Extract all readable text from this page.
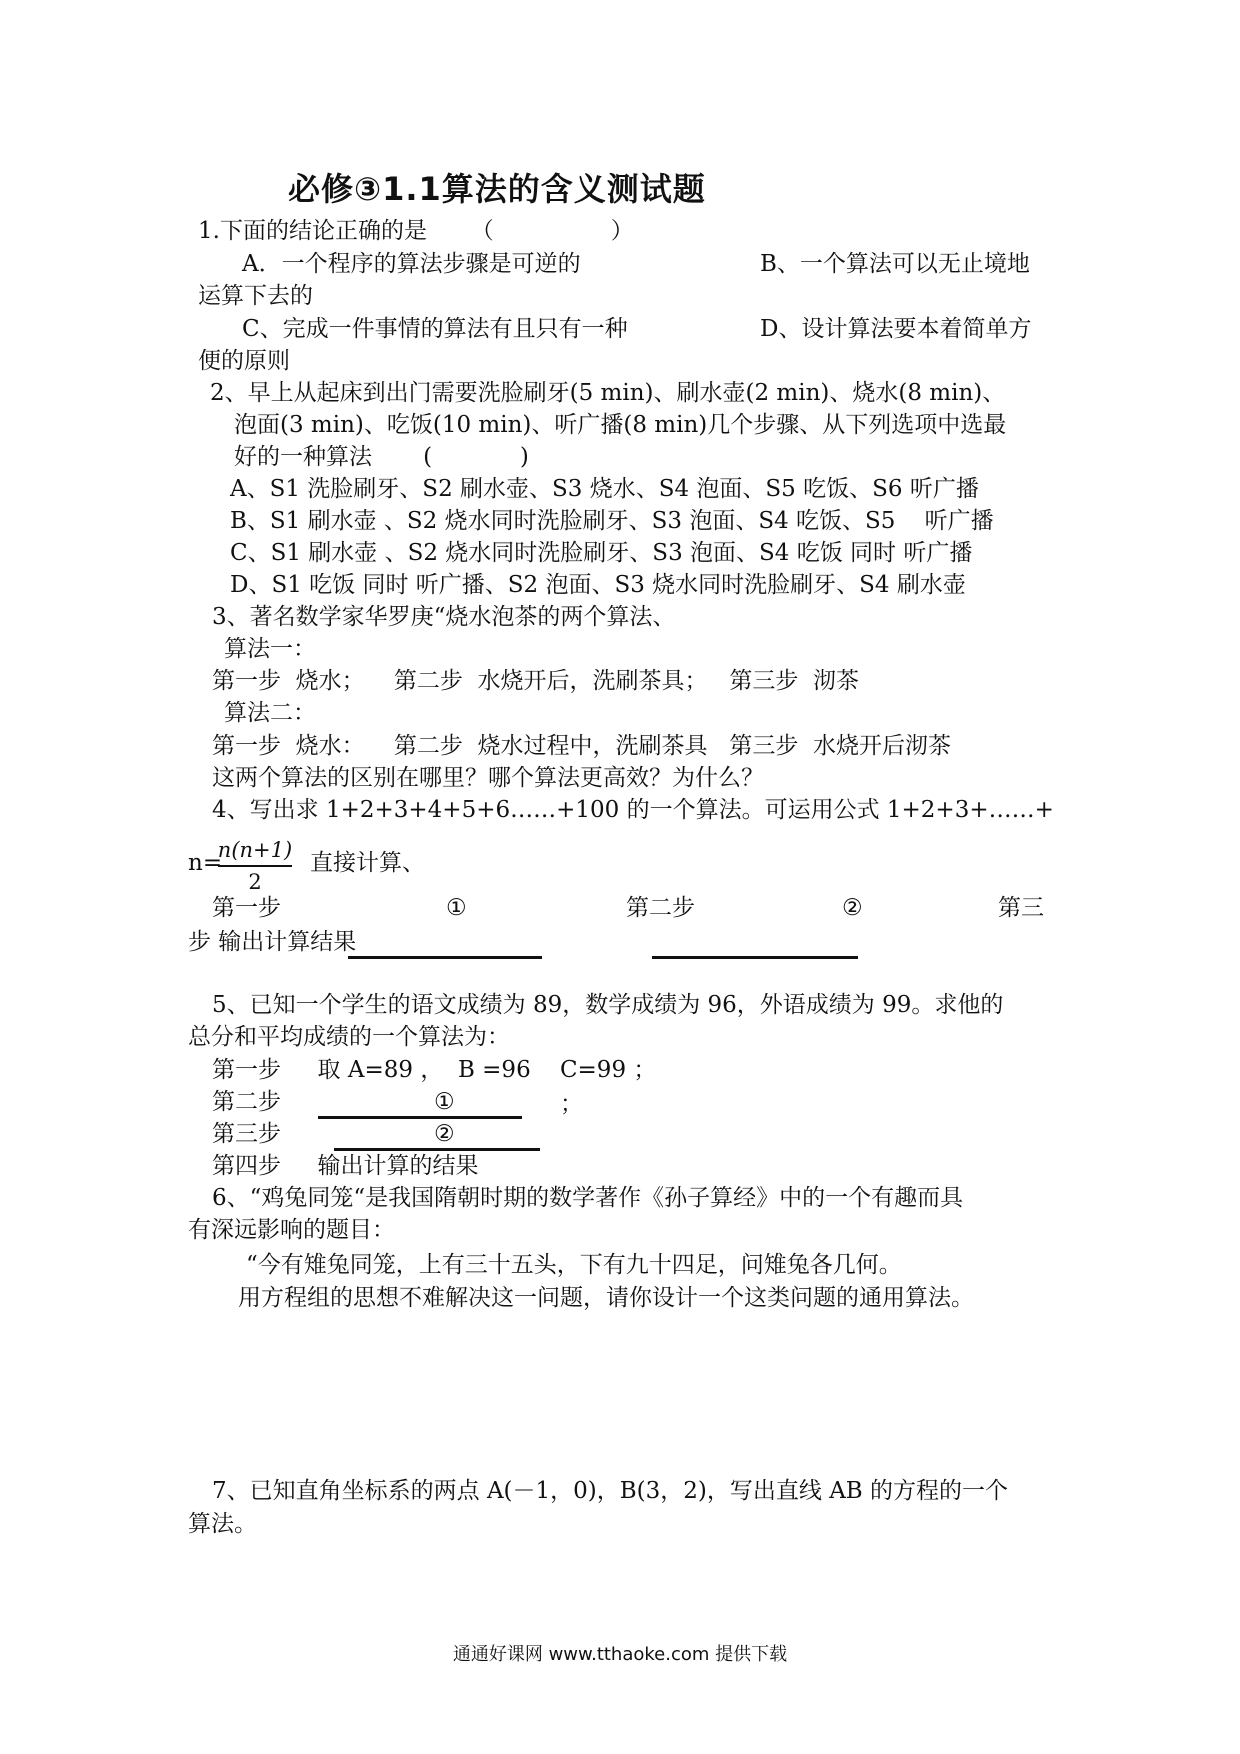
必修③1.1算法的含义测试题
1.下面的结论正确的是      （                ）
A．一个程序的算法步骤是可逆的	B、一个算法可以无止境地
运算下去的
C、完成一件事情的算法有且只有一种	D、设计算法要本着简单方
便的原则
2、早上从起床到出门需要洗脸刷牙(5 min)、刷水壶(2 min)、烧水(8 min)、
泡面(3 min)、吃饭(10 min)、听广播(8 min)几个步骤、从下列选项中选最
好的一种算法       (            )
A、S1 洗脸刷牙、S2 刷水壶、S3 烧水、S4 泡面、S5 吃饭、S6 听广播
B、S1 刷水壶 、S2 烧水同时洗脸刷牙、S3 泡面、S4 吃饭、S5    听广播
C、S1 刷水壶 、S2 烧水同时洗脸刷牙、S3 泡面、S4 吃饭 同时 听广播
D、S1 吃饭 同时 听广播、S2 泡面、S3 烧水同时洗脸刷牙、S4 刷水壶
3、著名数学家华罗庚“烧水泡茶的两个算法、
算法一：
第一步  烧水；    第二步  水烧开后，洗刷茶具；   第三步  沏茶
算法二：
第一步  烧水：    第二步  烧水过程中，洗刷茶具   第三步  水烧开后沏茶
这两个算法的区别在哪里？哪个算法更高效？为什么？
4、写出求 1+2+3+4+5+6……+100 的一个算法。可运用公式 1+2+3+……+
n=
n(n+1)
2
直接计算、
第一步	①	第二步	②	第三
步 输出计算结果
5、已知一个学生的语文成绩为 89，数学成绩为 96，外语成绩为 99。求他的
总分和平均成绩的一个算法为：
第一步     取 A=89 ，  B =96    C=99 ；
第二步	①	；
第三步	②
第四步     输出计算的结果
6、“鸡兔同笼“是我国隋朝时期的数学著作《孙子算经》中的一个有趣而具
有深远影响的题目：
“今有雉兔同笼，上有三十五头，下有九十四足，问雉兔各几何。
用方程组的思想不难解决这一问题，请你设计一个这类问题的通用算法。
7、已知直角坐标系的两点 A(－1，0)，B(3，2)，写出直线 AB 的方程的一个
算法。
通通好课网 www.tthaoke.com 提供下载
